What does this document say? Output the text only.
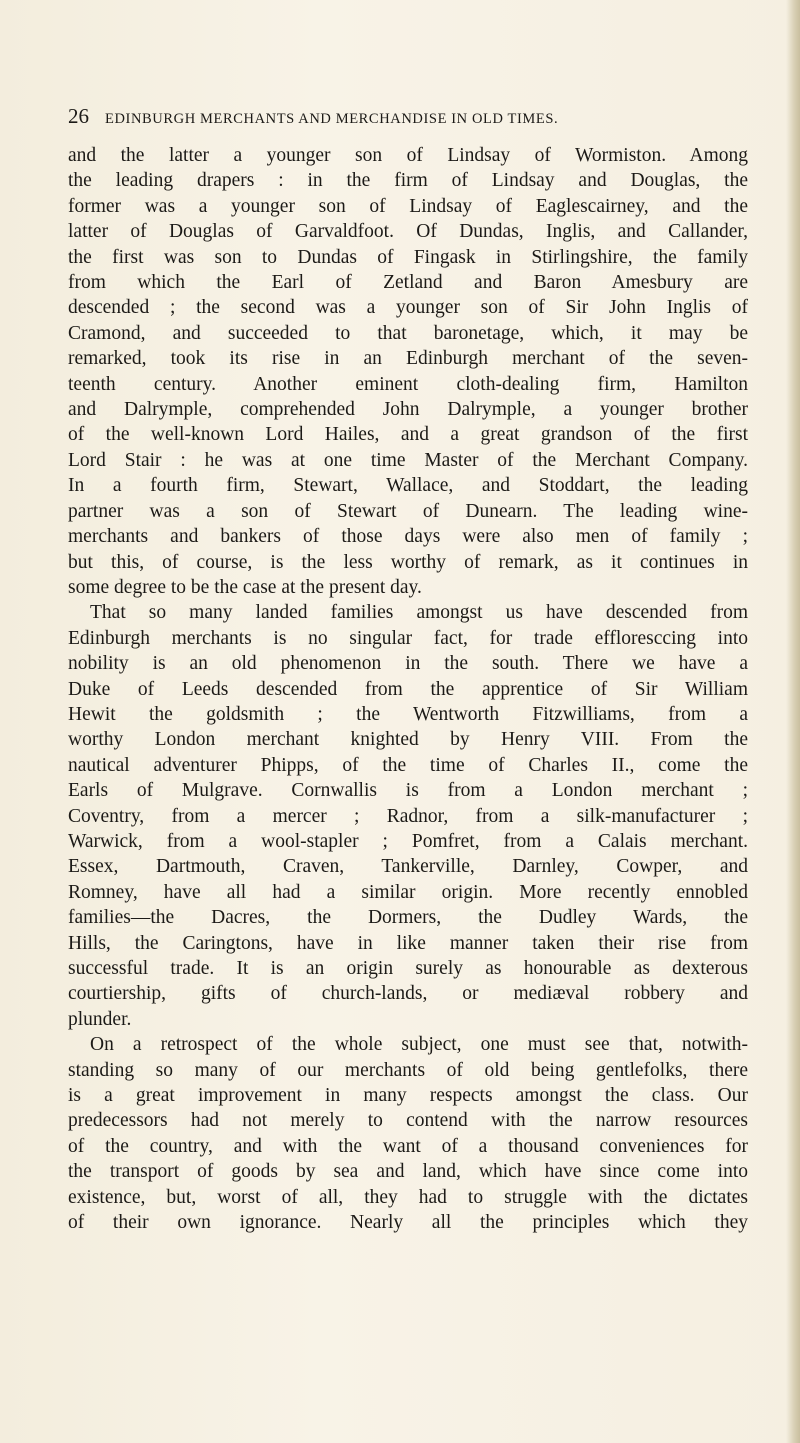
26 EDINBURGH MERCHANTS AND MERCHANDISE IN OLD TIMES.
and the latter a younger son of Lindsay of Wormiston. Among
the leading drapers : in the firm of Lindsay and Douglas, the
former was a younger son of Lindsay of Eaglescairney, and the
latter of Douglas of Garvaldfoot. Of Dundas, Inglis, and Callander,
the first was son to Dundas of Fingask in Stirlingshire, the family
from which the Earl of Zetland and Baron Amesbury are
descended ; the second was a younger son of Sir John Inglis of
Cramond, and succeeded to that baronetage, which, it may be
remarked, took its rise in an Edinburgh merchant of the seven-
teenth century. Another eminent cloth-dealing firm, Hamilton
and Dalrymple, comprehended John Dalrymple, a younger brother
of the well-known Lord Hailes, and a great grandson of the first
Lord Stair : he was at one time Master of the Merchant Company.
In a fourth firm, Stewart, Wallace, and Stoddart, the leading
partner was a son of Stewart of Dunearn. The leading wine-
merchants and bankers of those days were also men of family ;
but this, of course, is the less worthy of remark, as it continues in
some degree to be the case at the present day.
That so many landed families amongst us have descended from
Edinburgh merchants is no singular fact, for trade effloresccing into
nobility is an old phenomenon in the south. There we have a
Duke of Leeds descended from the apprentice of Sir William
Hewit the goldsmith ; the Wentworth Fitzwilliams, from a
worthy London merchant knighted by Henry VIII. From the
nautical adventurer Phipps, of the time of Charles II., come the
Earls of Mulgrave. Cornwallis is from a London merchant ;
Coventry, from a mercer ; Radnor, from a silk-manufacturer ;
Warwick, from a wool-stapler ; Pomfret, from a Calais merchant.
Essex, Dartmouth, Craven, Tankerville, Darnley, Cowper, and
Romney, have all had a similar origin. More recently ennobled
families—the Dacres, the Dormers, the Dudley Wards, the
Hills, the Caringtons, have in like manner taken their rise from
successful trade. It is an origin surely as honourable as dexterous
courtiership, gifts of church-lands, or mediæval robbery and
plunder.
On a retrospect of the whole subject, one must see that, notwith-
standing so many of our merchants of old being gentlefolks, there
is a great improvement in many respects amongst the class. Our
predecessors had not merely to contend with the narrow resources
of the country, and with the want of a thousand conveniences for
the transport of goods by sea and land, which have since come into
existence, but, worst of all, they had to struggle with the dictates
of their own ignorance. Nearly all the principles which they
